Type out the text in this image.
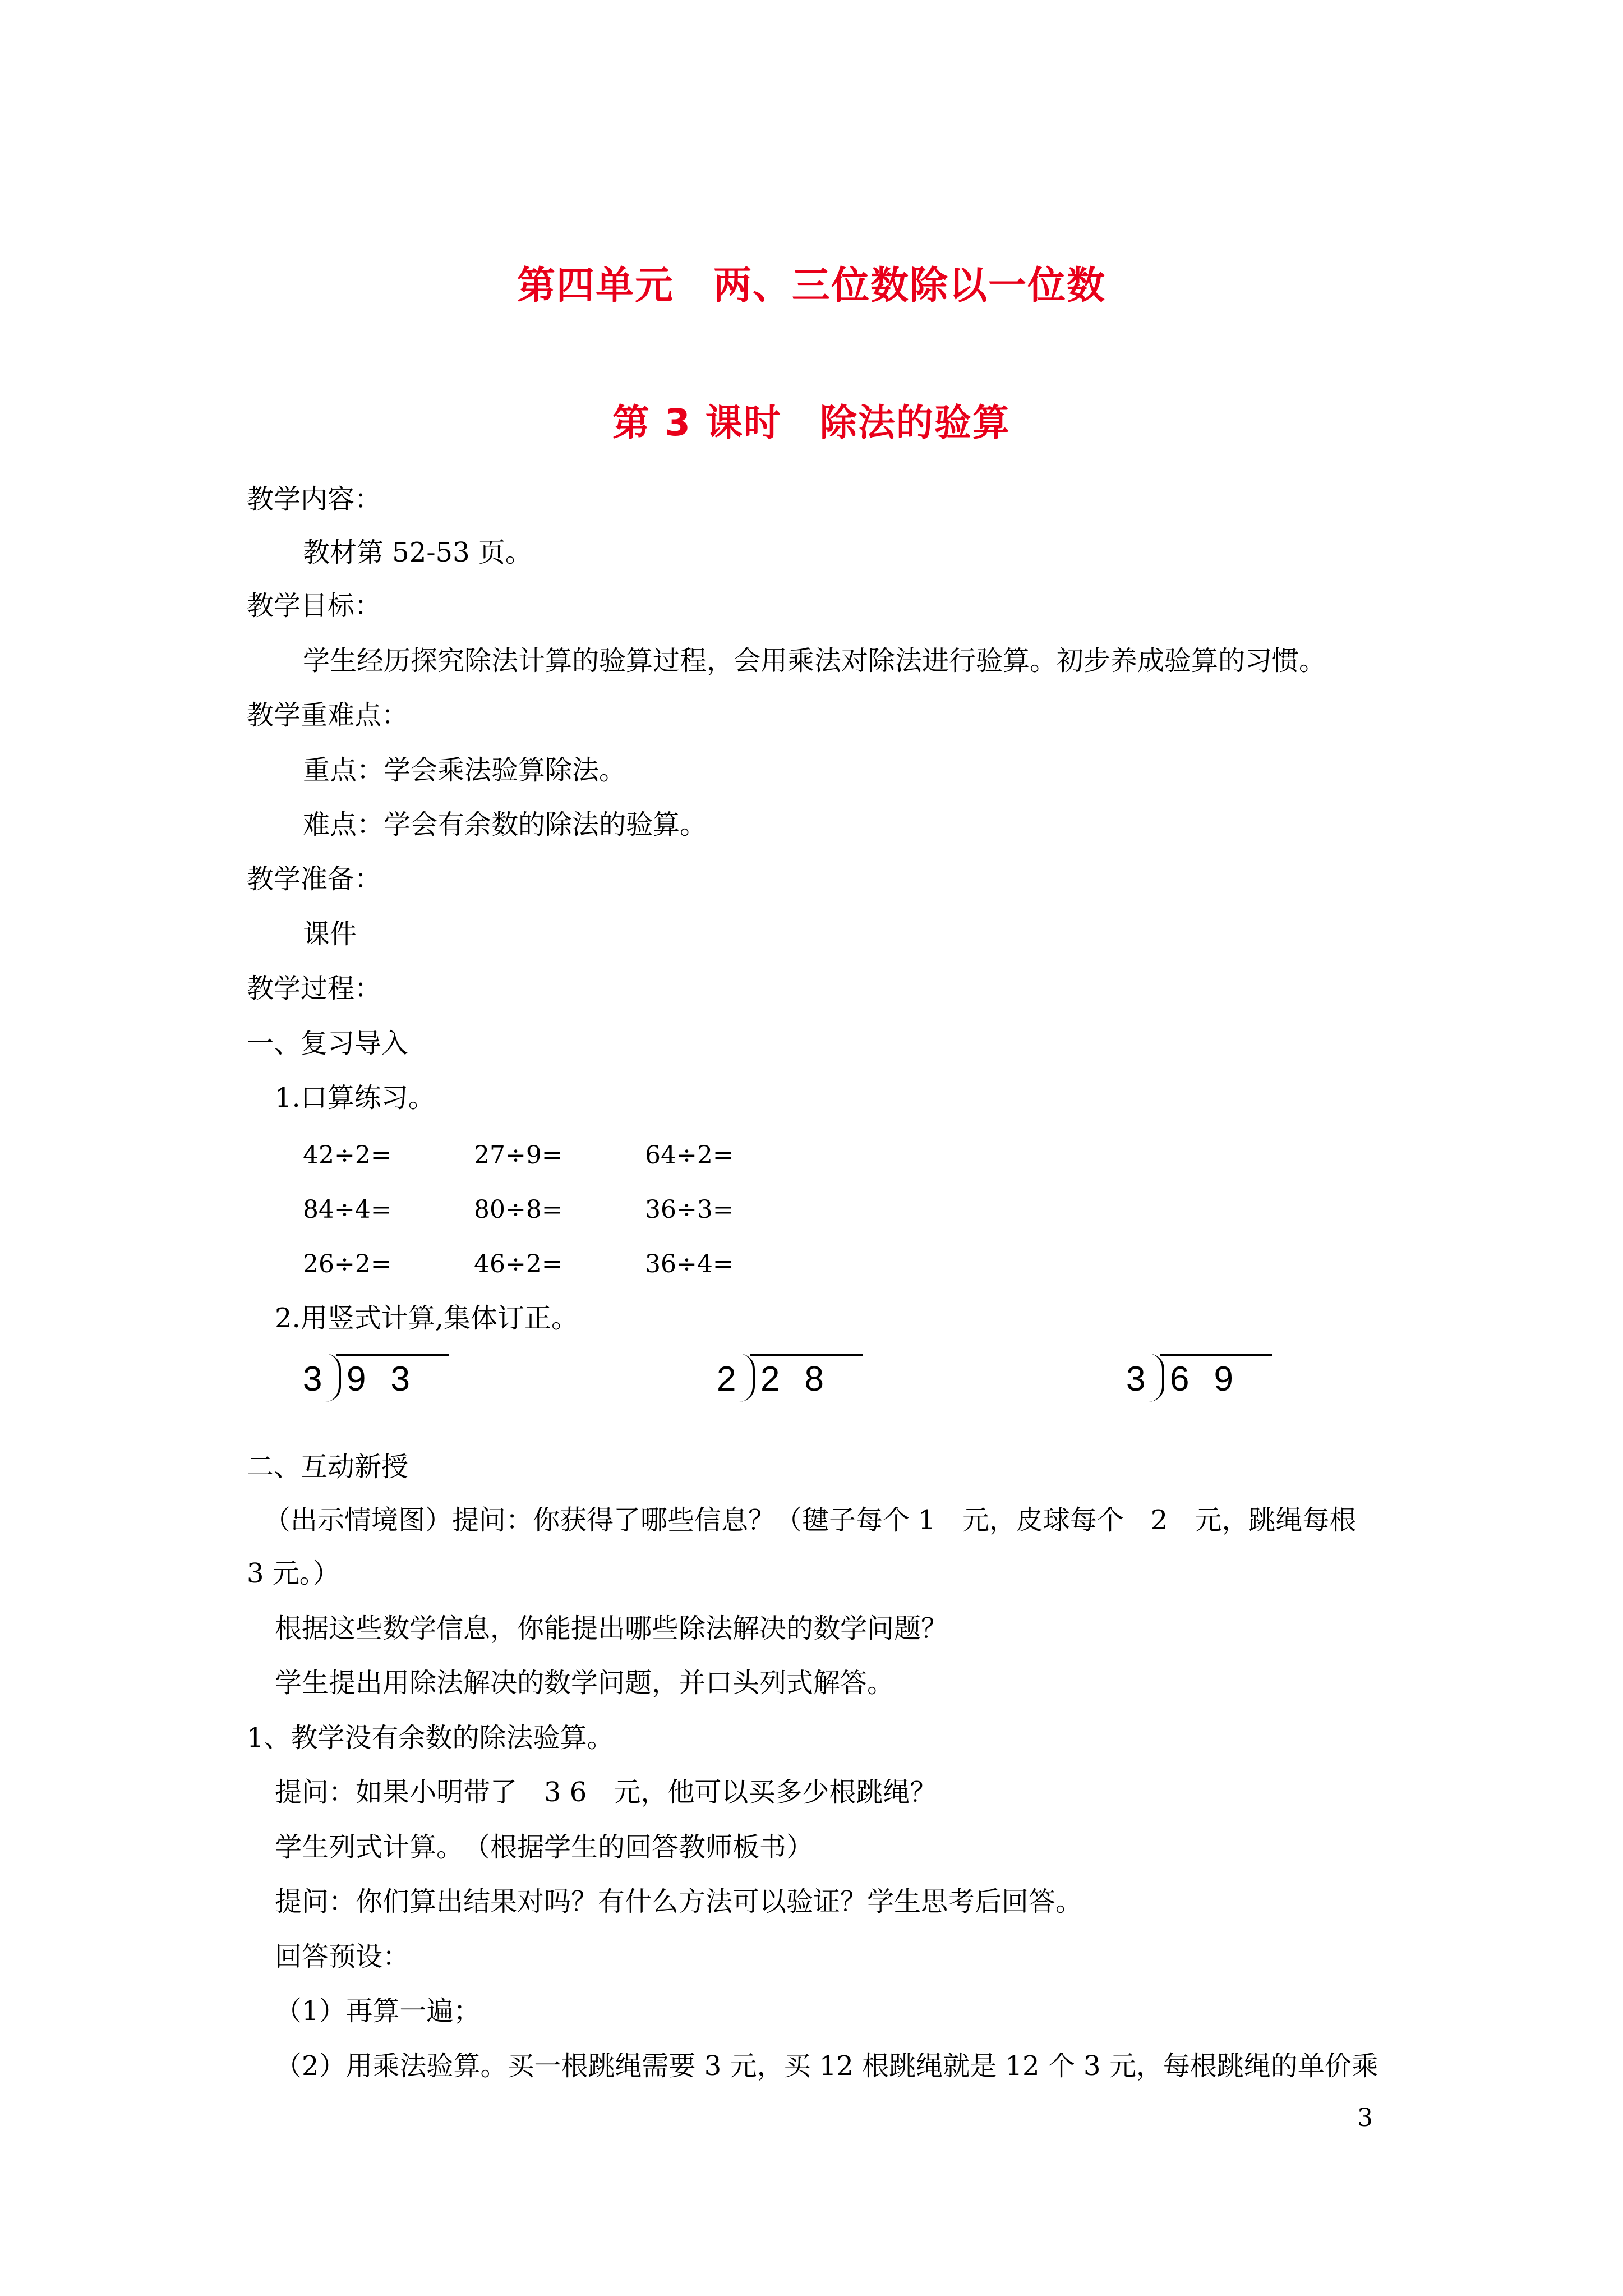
第四单元　两、三位数除以一位数
第 3 课时　除法的验算
教学内容：
教材第 52-53 页。
教学目标：
学生经历探究除法计算的验算过程，会用乘法对除法进行验算。初步养成验算的习惯。
教学重难点：
重点：学会乘法验算除法。
难点：学会有余数的除法的验算。
教学准备：
课件
教学过程：
一、复习导入
1.口算练习。
42÷2=	27÷9=	64÷2=
84÷4=	80÷8=	36÷3=
26÷2=	46÷2=	36÷4=
2.用竖式计算,集体订正。
3 93	2 28	3 69
二、互动新授
（出示情境图）提问：你获得了哪些信息？（毽子每个 1　元，皮球每个　2　元，跳绳每根
3 元。）
根据这些数学信息，你能提出哪些除法解决的数学问题？
学生提出用除法解决的数学问题，并口头列式解答。
1、教学没有余数的除法验算。
提问：如果小明带了　3 6　元，他可以买多少根跳绳？
学生列式计算。　（根据学生的回答教师板书）
提问：你们算出结果对吗？有什么方法可以验证？学生思考后回答。
回答预设：
（1）再算一遍；
（2）用乘法验算。买一根跳绳需要 3 元，买 12 根跳绳就是 12 个 3 元，每根跳绳的单价乘
3
